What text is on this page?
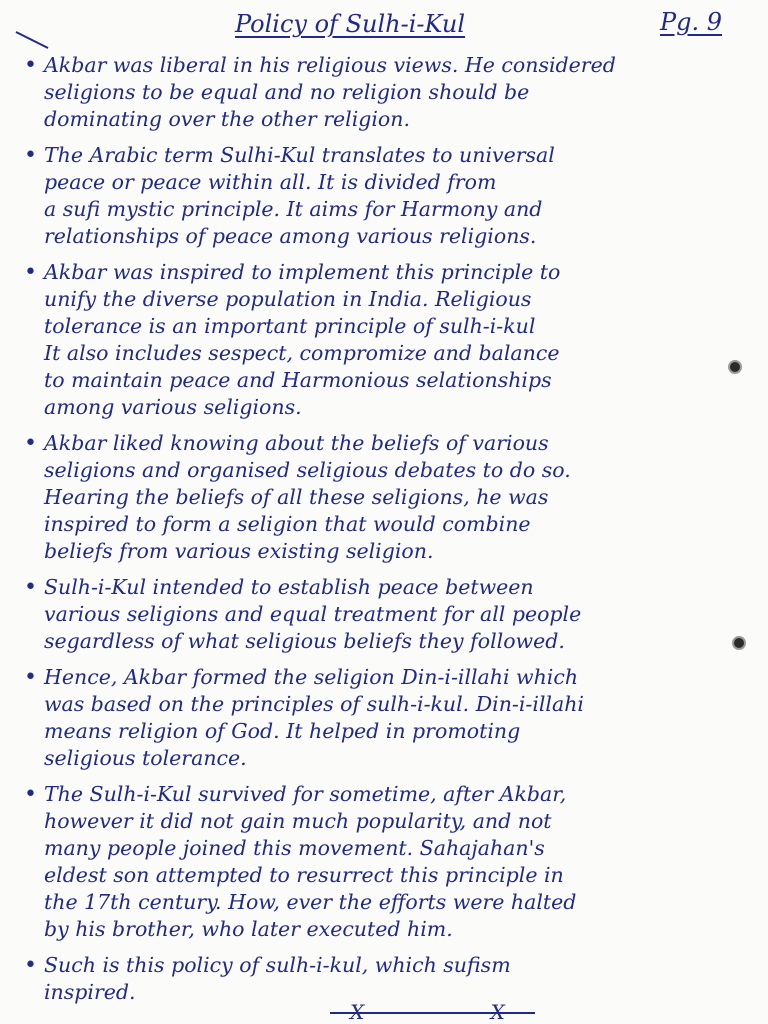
Policy of Sulh-i-Kul	Pg. 9
• Akbar was liberal in his religious views. He considered
seligions to be equal and no religion should be
dominating over the other religion.
• The Arabic term Sulhi-Kul translates to universal
peace or peace within all. It is divided from
a sufi mystic principle. It aims for Harmony and
relationships of peace among various religions.
• Akbar was inspired to implement this principle to
unify the diverse population in India. Religious
tolerance is an important principle of sulh-i-kul
It also includes sespect, compromize and balance
to maintain peace and Harmonious selationships
among various seligions.
• Akbar liked knowing about the beliefs of various
seligions and organised seligious debates to do so.
Hearing the beliefs of all these seligions, he was
inspired to form a seligion that would combine
beliefs from various existing seligion.
• Sulh-i-Kul intended to establish peace between
various seligions and equal treatment for all people
segardless of what seligious beliefs they followed.
• Hence, Akbar formed the seligion Din-i-illahi which
was based on the principles of sulh-i-kul. Din-i-illahi
means religion of God. It helped in promoting
seligious tolerance.
• The Sulh-i-Kul survived for sometime, after Akbar,
however it did not gain much popularity, and not
many people joined this movement. Sahajahan's
eldest son attempted to resurrect this principle in
the 17th century. How, ever the efforts were halted
by his brother, who later executed him.
• Such is this policy of sulh-i-kul, which sufism
inspired.
X X
